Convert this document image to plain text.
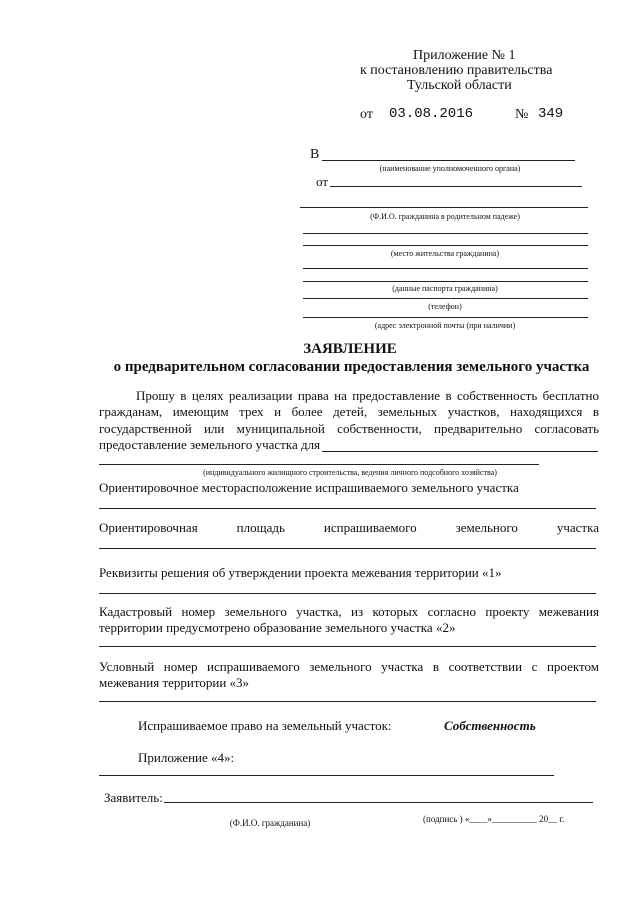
Приложение № 1
к постановлению правительства
Тульской области
от 03.08.2016	№ 349
В
(наименование уполномоченного органа)
от
(Ф.И.О. гражданина в родительном падеже)
(место жительства гражданина)
(данные паспорта гражданина)
(телефон)
(адрес электронной почты (при наличии)
ЗАЯВЛЕНИЕ
о предварительном согласовании предоставления земельного участка
Прошу в целях реализации права на предоставление в собственность бесплатно
гражданам, имеющим трех и более детей, земельных участков, находящихся в
государственной или муниципальной собственности, предварительно согласовать
предоставление земельного участка для
(индивидуального жилищного строительства, ведения личного подсобного хозяйства)
Ориентировочное месторасположение испрашиваемого земельного участка
Ориентировочная площадь испрашиваемого земельного участка
Реквизиты решения об утверждении проекта межевания территории «1»
Кадастровый номер земельного участка, из которых согласно проекту межевания
территории предусмотрено образование земельного участка «2»
Условный номер испрашиваемого земельного участка в соответствии с проектом
межевания территории «3»
Испрашиваемое право на земельный участок:	Собственность
Приложение «4»:
Заявитель:
(Ф.И.О. гражданина)	(подпись ) «____»__________ 20__ г.
